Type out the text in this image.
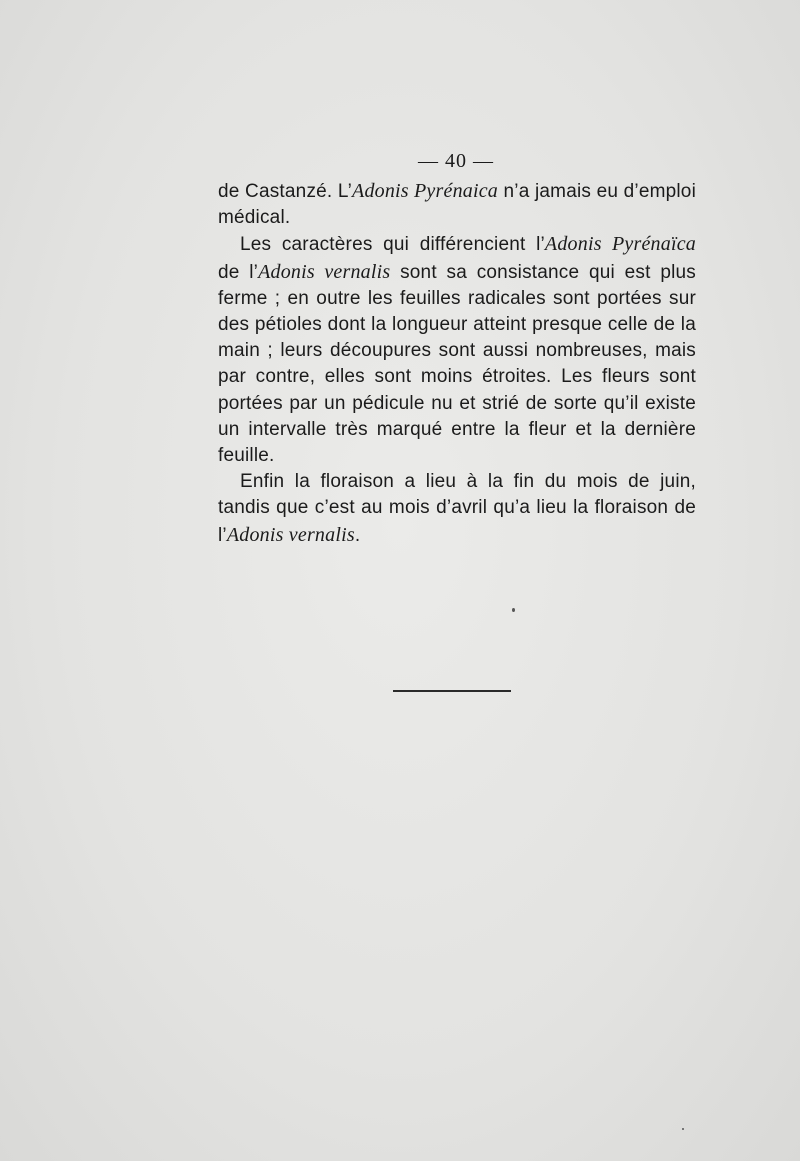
— 40 —

de Castanzé. L’Adonis Pyrénaica n’a jamais eu d’emploi médical.

Les caractères qui différencient l’Adonis Pyrénaïca de l’Adonis vernalis sont sa consistance qui est plus ferme ; en outre les feuilles radicales sont portées sur des pétioles dont la longueur atteint presque celle de la main ; leurs découpures sont aussi nombreuses, mais par contre, elles sont moins étroites. Les fleurs sont portées par un pédicule nu et strié de sorte qu’il existe un intervalle très marqué entre la fleur et la dernière feuille.

Enfin la floraison a lieu à la fin du mois de juin, tandis que c’est au mois d’avril qu’a lieu la floraison de l’Adonis vernalis.
